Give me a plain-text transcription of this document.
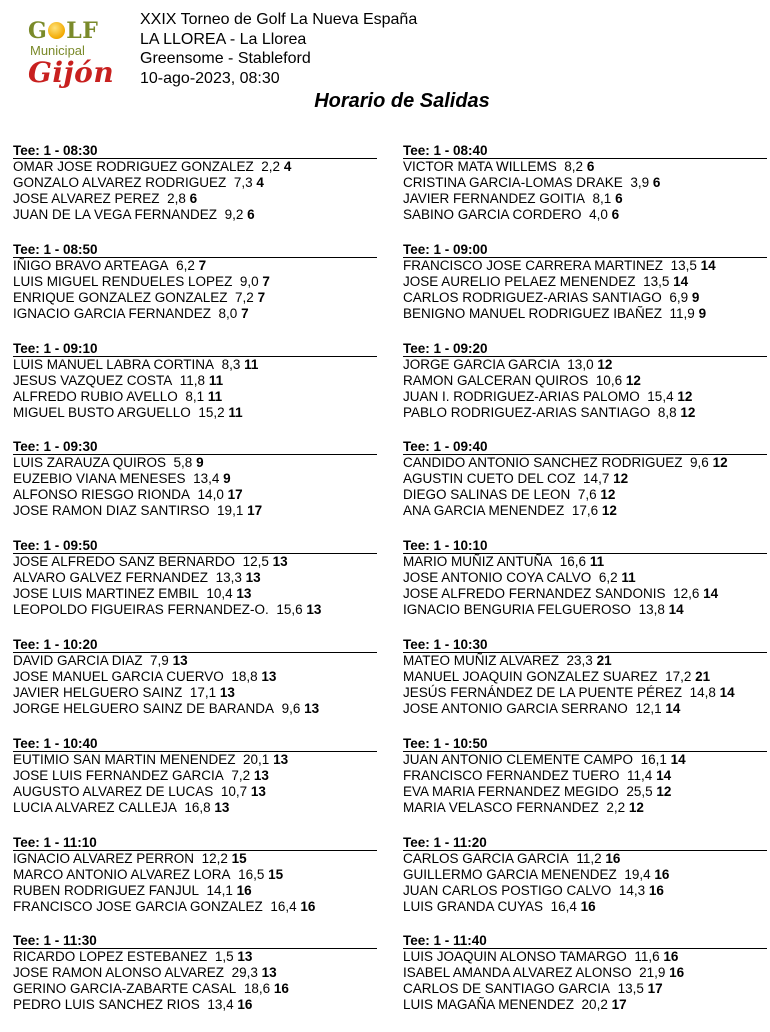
G LF
Municipal
Gijón
XXIX Torneo de Golf La Nueva España
LA LLOREA - La Llorea
Greensome - Stableford
10-ago-2023, 08:30
Horario de Salidas
Tee: 1 - 08:30
OMAR JOSE RODRIGUEZ GONZALEZ 2,2 4
GONZALO ALVAREZ RODRIGUEZ 7,3 4
JOSE ALVAREZ PEREZ 2,8 6
JUAN DE LA VEGA FERNANDEZ 9,2 6
Tee: 1 - 08:50
IÑIGO BRAVO ARTEAGA 6,2 7
LUIS MIGUEL RENDUELES LOPEZ 9,0 7
ENRIQUE GONZALEZ GONZALEZ 7,2 7
IGNACIO GARCIA FERNANDEZ 8,0 7
Tee: 1 - 09:10
LUIS MANUEL LABRA CORTINA 8,3 11
JESUS VAZQUEZ COSTA 11,8 11
ALFREDO RUBIO AVELLO 8,1 11
MIGUEL BUSTO ARGUELLO 15,2 11
Tee: 1 - 09:30
LUIS ZARAUZA QUIROS 5,8 9
EUZEBIO VIANA MENESES 13,4 9
ALFONSO RIESGO RIONDA 14,0 17
JOSE RAMON DIAZ SANTIRSO 19,1 17
Tee: 1 - 09:50
JOSE ALFREDO SANZ BERNARDO 12,5 13
ALVARO GALVEZ FERNANDEZ 13,3 13
JOSE LUIS MARTINEZ EMBIL 10,4 13
LEOPOLDO FIGUEIRAS FERNANDEZ-O. 15,6 13
Tee: 1 - 10:20
DAVID GARCIA DIAZ 7,9 13
JOSE MANUEL GARCIA CUERVO 18,8 13
JAVIER HELGUERO SAINZ 17,1 13
JORGE HELGUERO SAINZ DE BARANDA 9,6 13
Tee: 1 - 10:40
EUTIMIO SAN MARTIN MENENDEZ 20,1 13
JOSE LUIS FERNANDEZ GARCIA 7,2 13
AUGUSTO ALVAREZ DE LUCAS 10,7 13
LUCIA ALVAREZ CALLEJA 16,8 13
Tee: 1 - 11:10
IGNACIO ALVAREZ PERRON 12,2 15
MARCO ANTONIO ALVAREZ LORA 16,5 15
RUBEN RODRIGUEZ FANJUL 14,1 16
FRANCISCO JOSE GARCIA GONZALEZ 16,4 16
Tee: 1 - 11:30
RICARDO LOPEZ ESTEBANEZ 1,5 13
JOSE RAMON ALONSO ALVAREZ 29,3 13
GERINO GARCIA-ZABARTE CASAL 18,6 16
PEDRO LUIS SANCHEZ RIOS 13,4 16
Tee: 1 - 08:40
VICTOR MATA WILLEMS 8,2 6
CRISTINA GARCIA-LOMAS DRAKE 3,9 6
JAVIER FERNANDEZ GOITIA 8,1 6
SABINO GARCIA CORDERO 4,0 6
Tee: 1 - 09:00
FRANCISCO JOSE CARRERA MARTINEZ 13,5 14
JOSE AURELIO PELAEZ MENENDEZ 13,5 14
CARLOS RODRIGUEZ-ARIAS SANTIAGO 6,9 9
BENIGNO MANUEL RODRIGUEZ IBAÑEZ 11,9 9
Tee: 1 - 09:20
JORGE GARCIA GARCIA 13,0 12
RAMON GALCERAN QUIROS 10,6 12
JUAN I. RODRIGUEZ-ARIAS PALOMO 15,4 12
PABLO RODRIGUEZ-ARIAS SANTIAGO 8,8 12
Tee: 1 - 09:40
CANDIDO ANTONIO SANCHEZ RODRIGUEZ 9,6 12
AGUSTIN CUETO DEL COZ 14,7 12
DIEGO SALINAS DE LEON 7,6 12
ANA GARCIA MENENDEZ 17,6 12
Tee: 1 - 10:10
MARIO MUÑIZ ANTUÑA 16,6 11
JOSE ANTONIO COYA CALVO 6,2 11
JOSE ALFREDO FERNANDEZ SANDONIS 12,6 14
IGNACIO BENGURIA FELGUEROSO 13,8 14
Tee: 1 - 10:30
MATEO MUÑIZ ALVAREZ 23,3 21
MANUEL JOAQUIN GONZALEZ SUAREZ 17,2 21
JESÚS FERNÁNDEZ DE LA PUENTE PÉREZ 14,8 14
JOSE ANTONIO GARCIA SERRANO 12,1 14
Tee: 1 - 10:50
JUAN ANTONIO CLEMENTE CAMPO 16,1 14
FRANCISCO FERNANDEZ TUERO 11,4 14
EVA MARIA FERNANDEZ MEGIDO 25,5 12
MARIA VELASCO FERNANDEZ 2,2 12
Tee: 1 - 11:20
CARLOS GARCIA GARCIA 11,2 16
GUILLERMO GARCIA MENENDEZ 19,4 16
JUAN CARLOS POSTIGO CALVO 14,3 16
LUIS GRANDA CUYAS 16,4 16
Tee: 1 - 11:40
LUIS JOAQUIN ALONSO TAMARGO 11,6 16
ISABEL AMANDA ALVAREZ ALONSO 21,9 16
CARLOS DE SANTIAGO GARCIA 13,5 17
LUIS MAGAÑA MENENDEZ 20,2 17
